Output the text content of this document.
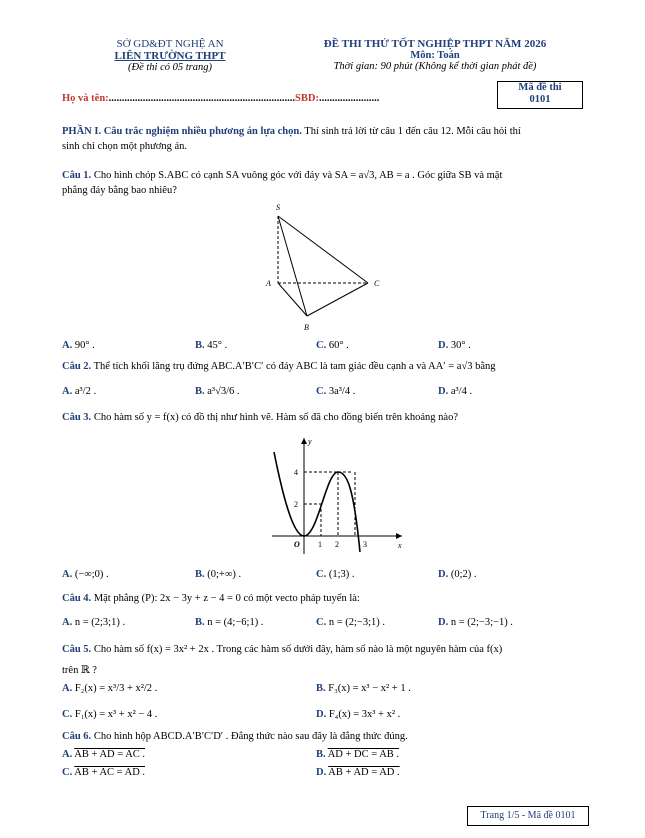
SỞ GD&ĐT NGHỆ AN
LIÊN TRƯỜNG THPT
(Đề thi có 05 trang)
ĐỀ THI THỬ TỐT NGHIỆP THPT NĂM 2026
Môn: Toán
Thời gian: 90 phút (Không kể thời gian phát đề)
Mã đề thi
0101
Họ và tên:.......................................................................SBD:.......................
PHẦN I. Câu trắc nghiệm nhiều phương án lựa chọn. Thí sinh trả lời từ câu 1 đến câu 12. Mỗi câu hỏi thí
sinh chỉ chọn một phương án.
Câu 1. Cho hình chóp S.ABC có cạnh SA vuông góc với đáy và SA = a√3, AB = a . Góc giữa SB và mặt
phẳng đáy bằng bao nhiêu?
S
A	C
B
A. 90° .	B. 45° .	C. 60° .	D. 30° .
Câu 2. Thể tích khối lăng trụ đứng ABC.A′B′C′ có đáy ABC là tam giác đều cạnh a và AA′ = a√3 bằng
A. a³/2 .	B. a³√3/6 .	C. 3a³/4 .	D. a³/4 .
Câu 3. Cho hàm số y = f(x) có đồ thị như hình vẽ. Hàm số đã cho đồng biến trên khoảng nào?
y
x
O 1 2	3
2
4
A. (−∞;0) .	B. (0;+∞) .	C. (1;3) .	D. (0;2) .
Câu 4. Mặt phẳng (P): 2x − 3y + z − 4 = 0 có một vecto pháp tuyến là:
A. n = (2;3;1) .	B. n = (4;−6;1) .	C. n = (2;−3;1) .	D. n = (2;−3;−1) .
Câu 5. Cho hàm số f(x) = 3x² + 2x . Trong các hàm số dưới đây, hàm số nào là một nguyên hàm của f(x)
trên ℝ ?
A. F₂(x) = x³/3 + x²/2 .	B. F₃(x) = x³ − x² + 1 .
C. F₁(x) = x³ + x² − 4 .	D. F₄(x) = 3x³ + x² .
Câu 6. Cho hình hộp ABCD.A′B′C′D′ . Đẳng thức nào sau đây là đẳng thức đúng.
A. AB + AD = AC .	B. AD + DC = AB .
C. AB + AC = AD .	D. AB + AD = AD .
Trang 1/5 - Mã đề 0101
